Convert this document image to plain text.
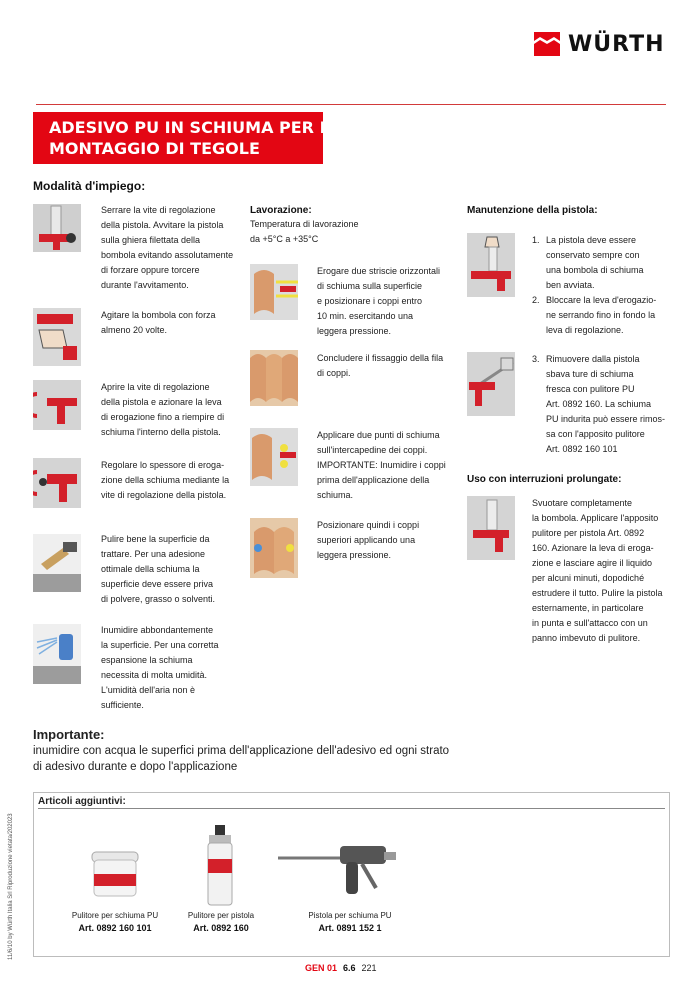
WÜRTH
ADESIVO PU IN SCHIUMA PER IL
MONTAGGIO DI TEGOLE
Modalità d'impiego:
Serrare la vite di regolazione
della pistola. Avvitare la pistola
sulla ghiera filettata della
bombola evitando assolutamente
di forzare oppure torcere
durante l'avvitamento.
Agitare la bombola con forza
almeno 20 volte.
Aprire la vite di regolazione
della pistola e azionare la leva
di erogazione fino a riempire di
schiuma l'interno della pistola.
Regolare lo spessore di eroga-
zione della schiuma mediante la
vite di regolazione della pistola.
Pulire bene la superficie da
trattare. Per una adesione
ottimale della schiuma la
superficie deve essere priva
di polvere, grasso o solventi.
Inumidire abbondantemente
la superficie. Per una corretta
espansione la schiuma
necessita di molta umidità.
L'umidità dell'aria non è
sufficiente.
Lavorazione:
Temperatura di lavorazione
da +5°C a +35°C
Erogare due striscie orizzontali
di schiuma sulla superficie
e posizionare i coppi entro
10 min. esercitando una
leggera pressione.
Concludere il fissaggio della fila
di coppi.
Applicare due punti di schiuma
sull'intercapedine dei coppi.
IMPORTANTE: Inumidire i coppi
prima dell'applicazione della
schiuma.
Posizionare quindi i coppi
superiori applicando una
leggera pressione.
Manutenzione della pistola:
1. La pistola deve essere
conservato sempre con
una bombola di schiuma
ben avviata.
2. Bloccare la leva d'erogazio-
ne serrando fino in fondo la
leva di regolazione.
3. Rimuovere dalla pistola
sbava ture di schiuma
fresca con pulitore PU
Art. 0892 160. La schiuma
PU indurita può essere rimos-
sa con l'apposito pulitore
Art. 0892 160 101
Uso con interruzioni prolungate:
Svuotare completamente
la bombola. Applicare l'apposito
pulitore per pistola Art. 0892
160. Azionare la leva di eroga-
zione e lasciare agire il liquido
per alcuni minuti, dopodiché
estrudere il tutto. Pulire la pistola
esternamente, in particolare
in punta e sull'attacco con un
panno imbevuto di pulitore.
Importante:
inumidire con acqua le superfici prima dell'applicazione dell'adesivo ed ogni strato
di adesivo durante e dopo l'applicazione
Articoli aggiuntivi:
Pulitore per schiuma PU
Art. 0892 160 101
Pulitore per pistola
Art. 0892 160
Pistola per schiuma PU
Art. 0891 152 1
11/6/10 by Würth Italia Srl Riproduzione vietata/202023
GEN 01 6.6 221
